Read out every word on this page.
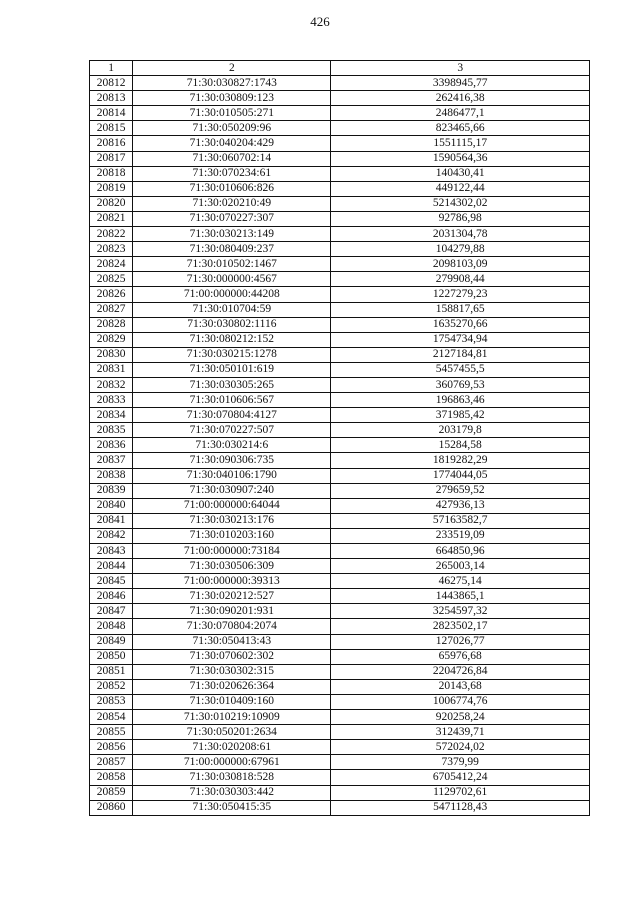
426
1	2	3
20812	71:30:030827:1743	3398945,77
20813	71:30:030809:123	262416,38
20814	71:30:010505:271	2486477,1
20815	71:30:050209:96	823465,66
20816	71:30:040204:429	1551115,17
20817	71:30:060702:14	1590564,36
20818	71:30:070234:61	140430,41
20819	71:30:010606:826	449122,44
20820	71:30:020210:49	5214302,02
20821	71:30:070227:307	92786,98
20822	71:30:030213:149	2031304,78
20823	71:30:080409:237	104279,88
20824	71:30:010502:1467	2098103,09
20825	71:30:000000:4567	279908,44
20826	71:00:000000:44208	1227279,23
20827	71:30:010704:59	158817,65
20828	71:30:030802:1116	1635270,66
20829	71:30:080212:152	1754734,94
20830	71:30:030215:1278	2127184,81
20831	71:30:050101:619	5457455,5
20832	71:30:030305:265	360769,53
20833	71:30:010606:567	196863,46
20834	71:30:070804:4127	371985,42
20835	71:30:070227:507	203179,8
20836	71:30:030214:6	15284,58
20837	71:30:090306:735	1819282,29
20838	71:30:040106:1790	1774044,05
20839	71:30:030907:240	279659,52
20840	71:00:000000:64044	427936,13
20841	71:30:030213:176	57163582,7
20842	71:30:010203:160	233519,09
20843	71:00:000000:73184	664850,96
20844	71:30:030506:309	265003,14
20845	71:00:000000:39313	46275,14
20846	71:30:020212:527	1443865,1
20847	71:30:090201:931	3254597,32
20848	71:30:070804:2074	2823502,17
20849	71:30:050413:43	127026,77
20850	71:30:070602:302	65976,68
20851	71:30:030302:315	2204726,84
20852	71:30:020626:364	20143,68
20853	71:30:010409:160	1006774,76
20854	71:30:010219:10909	920258,24
20855	71:30:050201:2634	312439,71
20856	71:30:020208:61	572024,02
20857	71:00:000000:67961	7379,99
20858	71:30:030818:528	6705412,24
20859	71:30:030303:442	1129702,61
20860	71:30:050415:35	5471128,43
